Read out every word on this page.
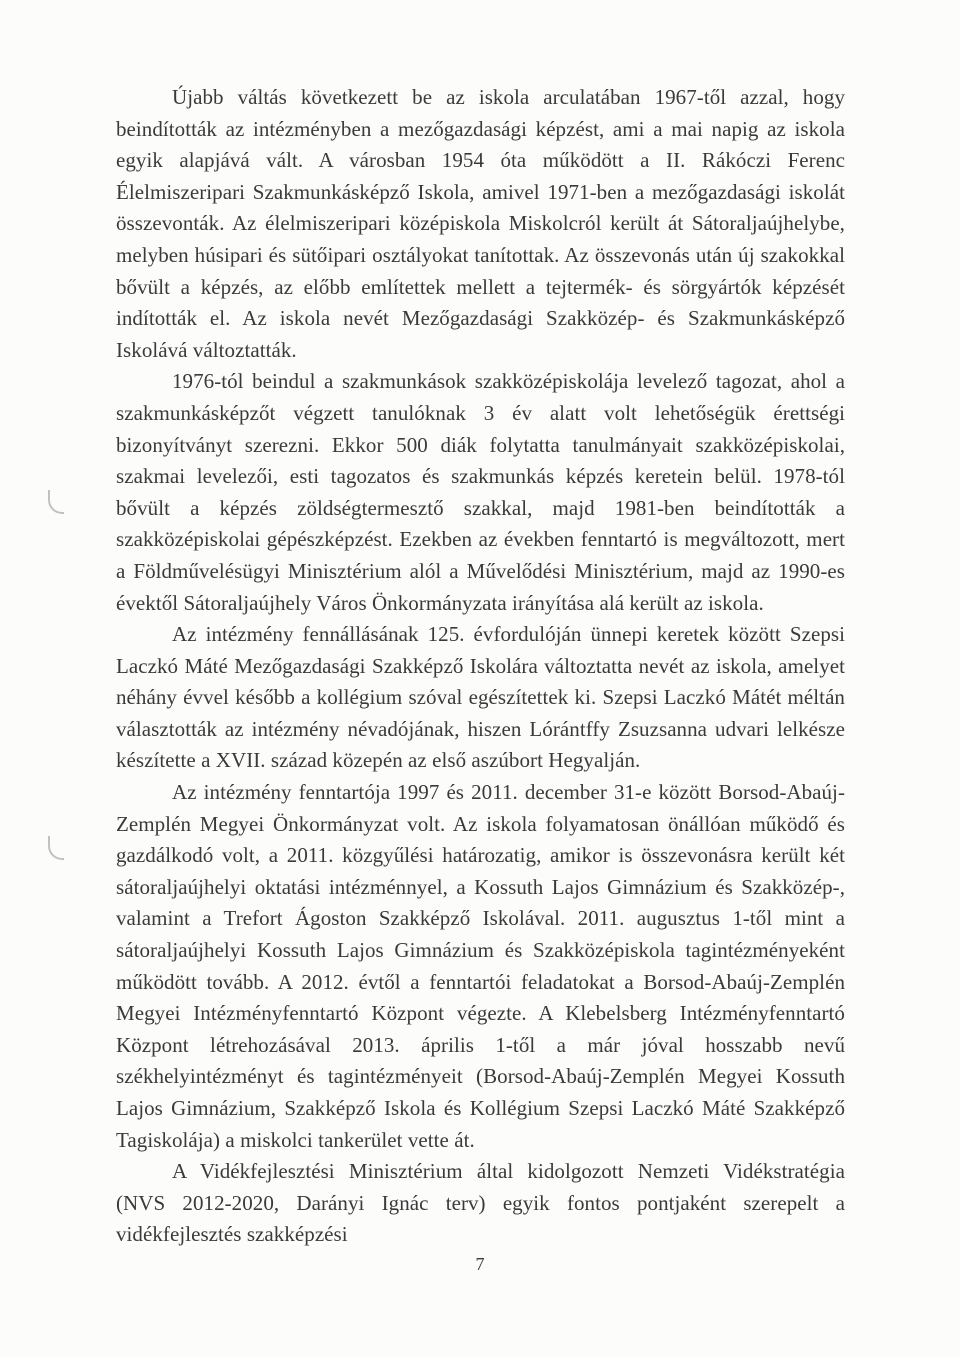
Újabb váltás következett be az iskola arculatában 1967-től azzal, hogy beindították az intézményben a mezőgazdasági képzést, ami a mai napig az iskola egyik alapjává vált. A városban 1954 óta működött a II. Rákóczi Ferenc Élelmiszeripari Szakmunkásképző Iskola, amivel 1971-ben a mezőgazdasági iskolát összevonták. Az élelmiszeripari középiskola Miskolcról került át Sátoraljaújhelybe, melyben húsipari és sütőipari osztályokat tanítottak. Az összevonás után új szakokkal bővült a képzés, az előbb említettek mellett a tejtermék- és sörgyártók képzését indították el. Az iskola nevét Mezőgazdasági Szakközép- és Szakmunkásképző Iskolává változtatták.

1976-tól beindul a szakmunkások szakközépiskolája levelező tagozat, ahol a szakmunkásképzőt végzett tanulóknak 3 év alatt volt lehetőségük érettségi bizonyítványt szerezni. Ekkor 500 diák folytatta tanulmányait szakközépiskolai, szakmai levelezői, esti tagozatos és szakmunkás képzés keretein belül. 1978-tól bővült a képzés zöldségtermesztő szakkal, majd 1981-ben beindították a szakközépiskolai gépészképzést. Ezekben az években fenntartó is megváltozott, mert a Földművelésügyi Minisztérium alól a Művelődési Minisztérium, majd az 1990-es évektől Sátoraljaújhely Város Önkormányzata irányítása alá került az iskola.

Az intézmény fennállásának 125. évfordulóján ünnepi keretek között Szepsi Laczkó Máté Mezőgazdasági Szakképző Iskolára változtatta nevét az iskola, amelyet néhány évvel később a kollégium szóval egészítettek ki. Szepsi Laczkó Mátét méltán választották az intézmény névadójának, hiszen Lórántffy Zsuzsanna udvari lelkésze készítette a XVII. század közepén az első aszúbort Hegyalján.

Az intézmény fenntartója 1997 és 2011. december 31-e között Borsod-Abaúj-Zemplén Megyei Önkormányzat volt. Az iskola folyamatosan önállóan működő és gazdálkodó volt, a 2011. közgyűlési határozatig, amikor is összevonásra került két sátoraljaújhelyi oktatási intézménnyel, a Kossuth Lajos Gimnázium és Szakközép-, valamint a Trefort Ágoston Szakképző Iskolával. 2011. augusztus 1-től mint a sátoraljaújhelyi Kossuth Lajos Gimnázium és Szakközépiskola tagintézményeként működött tovább. A 2012. évtől a fenntartói feladatokat a Borsod-Abaúj-Zemplén Megyei Intézményfenntartó Központ végezte. A Klebelsberg Intézményfenntartó Központ létrehozásával 2013. április 1-től a már jóval hosszabb nevű székhelyintézményt és tagintézményeit (Borsod-Abaúj-Zemplén Megyei Kossuth Lajos Gimnázium, Szakképző Iskola és Kollégium Szepsi Laczkó Máté Szakképző Tagiskolája) a miskolci tankerület vette át.

A Vidékfejlesztési Minisztérium által kidolgozott Nemzeti Vidékstratégia (NVS 2012-2020, Darányi Ignác terv) egyik fontos pontjaként szerepelt a vidékfejlesztés szakképzési

7
